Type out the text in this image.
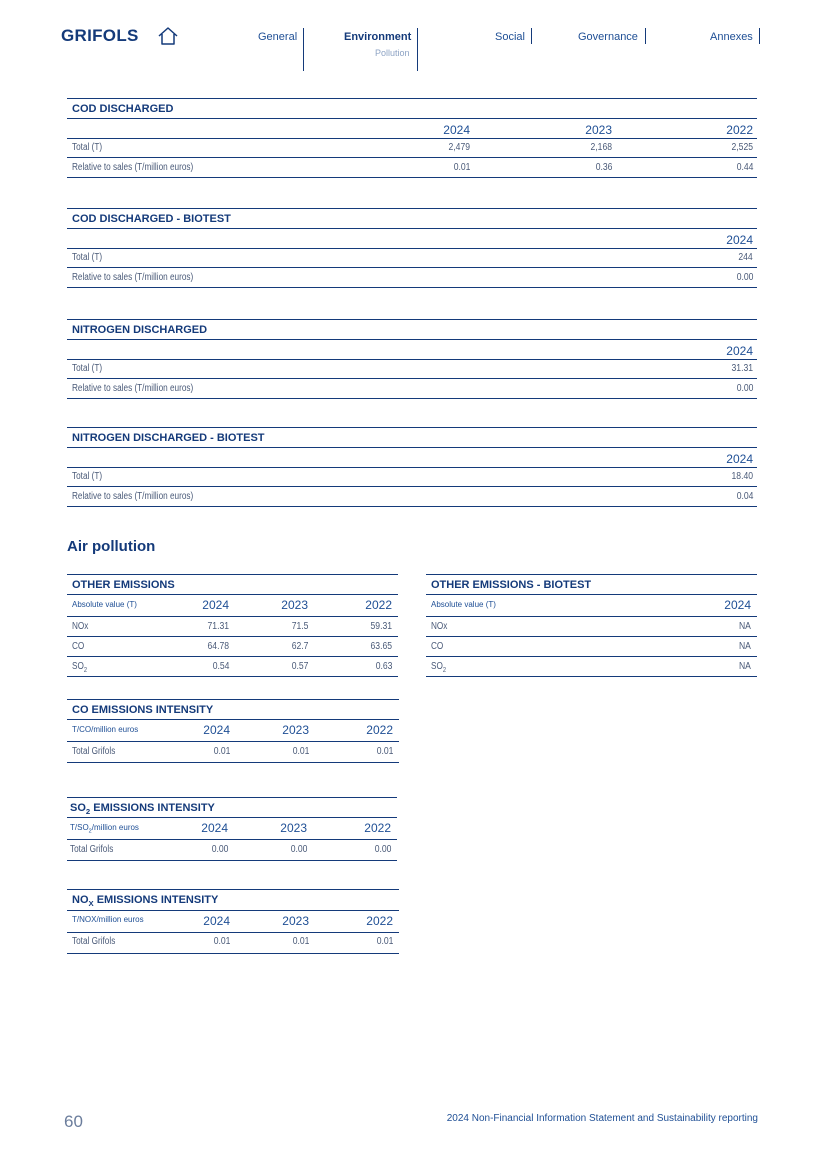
GRIFOLS	General	Environment
Pollution
Social	Governance	Annexes
COD DISCHARGED
2024	2023	2022
Total (T)	2,479	2,168	2,525
Relative to sales (T/million euros)	0.01	0.36	0.44
COD DISCHARGED - BIOTEST
2024
Total (T)	244
Relative to sales (T/million euros)	0.00
NITROGEN DISCHARGED
2024
Total (T)	31.31
Relative to sales (T/million euros)	0.00
NITROGEN DISCHARGED - BIOTEST
2024
Total (T)	18.40
Relative to sales (T/million euros)	0.04
Air pollution
OTHER EMISSIONS
Absolute value (T)	2024	2023	2022
NOx	71.31	71.5	59.31
CO	64.78	62.7	63.65
$SO_2$	0.54	0.57	0.63
OTHER EMISSIONS - BIOTEST
Absolute value (T)	2024
NOx	NA
CO	NA
$SO_2$	NA
CO EMISSIONS INTENSITY
T/CO/million euros	2024	2023	2022
Total Grifols	0.01	0.01	0.01
$SO_2$ EMISSIONS INTENSITY
$T/SO_2$/million euros	2024	2023	2022
Total Grifols	0.00	0.00	0.00
$NO_X$ EMISSIONS INTENSITY
T/NOX/million euros	2024	2023	2022
Total Grifols	0.01	0.01	0.01
60	2024 Non-Financial Information Statement and Sustainability reporting
